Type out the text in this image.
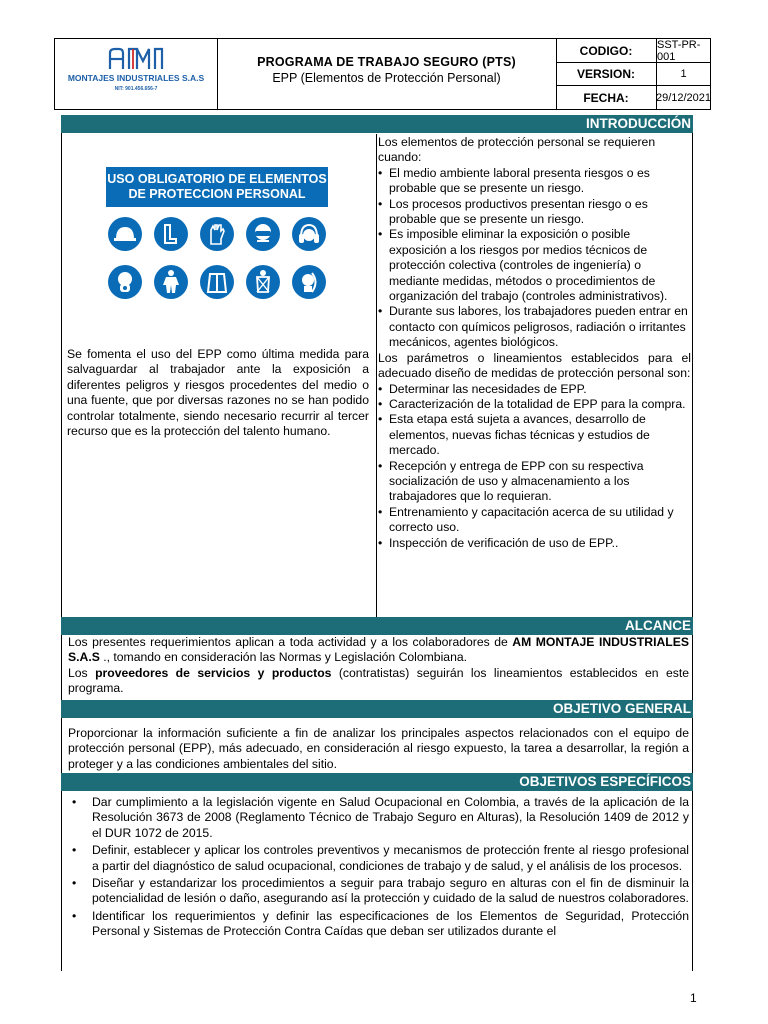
MONTAJES INDUSTRIALES S.A.S
NIT: 901.456.656-7
PROGRAMA DE TRABAJO SEGURO (PTS)
EPP (Elementos de Protección Personal)
CODIGO:	SST-PR-001
VERSION:	1
FECHA:	29/12/2021
INTRODUCCIÓN
USO OBLIGATORIO DE ELEMENTOS
DE PROTECCION PERSONAL
Se fomenta el uso del EPP como última medida para salvaguardar al trabajador ante la exposición a diferentes peligros y riesgos procedentes del medio o una fuente, que por diversas razones no se han podido controlar totalmente, siendo necesario recurrir al tercer recurso que es la protección del talento humano.
Los elementos de protección personal se requieren cuando:
• El medio ambiente laboral presenta riesgos o es probable que se presente un riesgo.
• Los procesos productivos presentan riesgo o es probable que se presente un riesgo.
• Es imposible eliminar la exposición o posible exposición a los riesgos por medios técnicos de protección colectiva (controles de ingeniería) o mediante medidas, métodos o procedimientos de organización del trabajo (controles administrativos).
• Durante sus labores, los trabajadores pueden entrar en contacto con químicos peligrosos, radiación o irritantes mecánicos, agentes biológicos.
Los parámetros o lineamientos establecidos para el adecuado diseño de medidas de protección personal son:
• Determinar las necesidades de EPP.
• Caracterización de la totalidad de EPP para la compra.
• Esta etapa está sujeta a avances, desarrollo de elementos, nuevas fichas técnicas y estudios de mercado.
• Recepción y entrega de EPP con su respectiva socialización de uso y almacenamiento a los trabajadores que lo requieran.
• Entrenamiento y capacitación acerca de su utilidad y correcto uso.
• Inspección de verificación de uso de EPP..
ALCANCE
Los presentes requerimientos aplican a toda actividad y a los colaboradores de AM MONTAJE INDUSTRIALES S.A.S ., tomando en consideración las Normas y Legislación Colombiana.
Los proveedores de servicios y productos (contratistas) seguirán los lineamientos establecidos en este programa.
OBJETIVO GENERAL
Proporcionar la información suficiente a fin de analizar los principales aspectos relacionados con el equipo de protección personal (EPP), más adecuado, en consideración al riesgo expuesto, la tarea a desarrollar, la región a proteger y a las condiciones ambientales del sitio.
OBJETIVOS ESPECÍFICOS
• Dar cumplimiento a la legislación vigente en Salud Ocupacional en Colombia, a través de la aplicación de la Resolución 3673 de 2008 (Reglamento Técnico de Trabajo Seguro en Alturas), la Resolución 1409 de 2012 y el DUR 1072 de 2015.
• Definir, establecer y aplicar los controles preventivos y mecanismos de protección frente al riesgo profesional a partir del diagnóstico de salud ocupacional, condiciones de trabajo y de salud, y el análisis de los procesos.
• Diseñar y estandarizar los procedimientos a seguir para trabajo seguro en alturas con el fin de disminuir la potencialidad de lesión o daño, asegurando así la protección y cuidado de la salud de nuestros colaboradores.
• Identificar los requerimientos y definir las especificaciones de los Elementos de Seguridad, Protección Personal y Sistemas de Protección Contra Caídas que deban ser utilizados durante el
1
